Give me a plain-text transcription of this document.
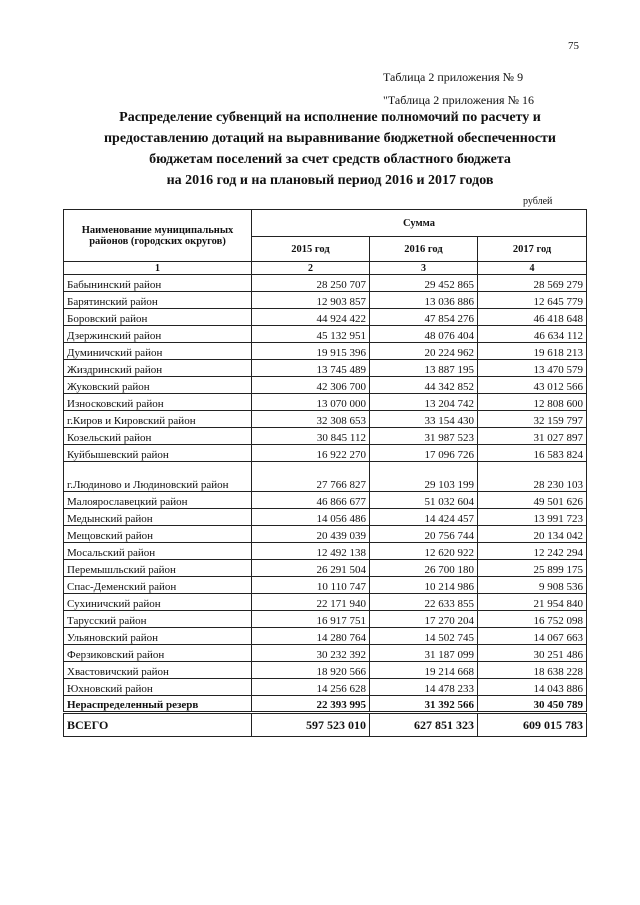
75
Таблица 2 приложения № 9
"Таблица 2 приложения № 16
Распределение субвенций на исполнение полномочий по расчету и
предоставлению дотаций на выравнивание бюджетной обеспеченности
бюджетам поселений за счет средств областного бюджета
на 2016 год и на плановый период 2016 и 2017 годов
рублей
Наименование муниципальных районов (городских округов)	Сумма		
	2015 год	2016 год	2017 год
1	2	3	4
Бабынинский район	28 250 707	29 452 865	28 569 279
Барятинский район	12 903 857	13 036 886	12 645 779
Боровский район	44 924 422	47 854 276	46 418 648
Дзержинский район	45 132 951	48 076 404	46 634 112
Думиничский район	19 915 396	20 224 962	19 618 213
Жиздринский район	13 745 489	13 887 195	13 470 579
Жуковский район	42 306 700	44 342 852	43 012 566
Износковский район	13 070 000	13 204 742	12 808 600
г.Киров и Кировский район	32 308 653	33 154 430	32 159 797
Козельский район	30 845 112	31 987 523	31 027 897
Куйбышевский район	16 922 270	17 096 726	16 583 824
г.Людиново и Людиновский район	27 766 827	29 103 199	28 230 103
Малоярославецкий район	46 866 677	51 032 604	49 501 626
Медынский район	14 056 486	14 424 457	13 991 723
Мещовский район	20 439 039	20 756 744	20 134 042
Мосальский район	12 492 138	12 620 922	12 242 294
Перемышльский район	26 291 504	26 700 180	25 899 175
Спас-Деменский район	10 110 747	10 214 986	9 908 536
Сухиничский район	22 171 940	22 633 855	21 954 840
Тарусский район	16 917 751	17 270 204	16 752 098
Ульяновский район	14 280 764	14 502 745	14 067 663
Ферзиковский район	30 232 392	31 187 099	30 251 486
Хвастовичский район	18 920 566	19 214 668	18 638 228
Юхновский район	14 256 628	14 478 233	14 043 886
Нераспределенный резерв	22 393 995	31 392 566	30 450 789
ВСЕГО	597 523 010	627 851 323	609 015 783
